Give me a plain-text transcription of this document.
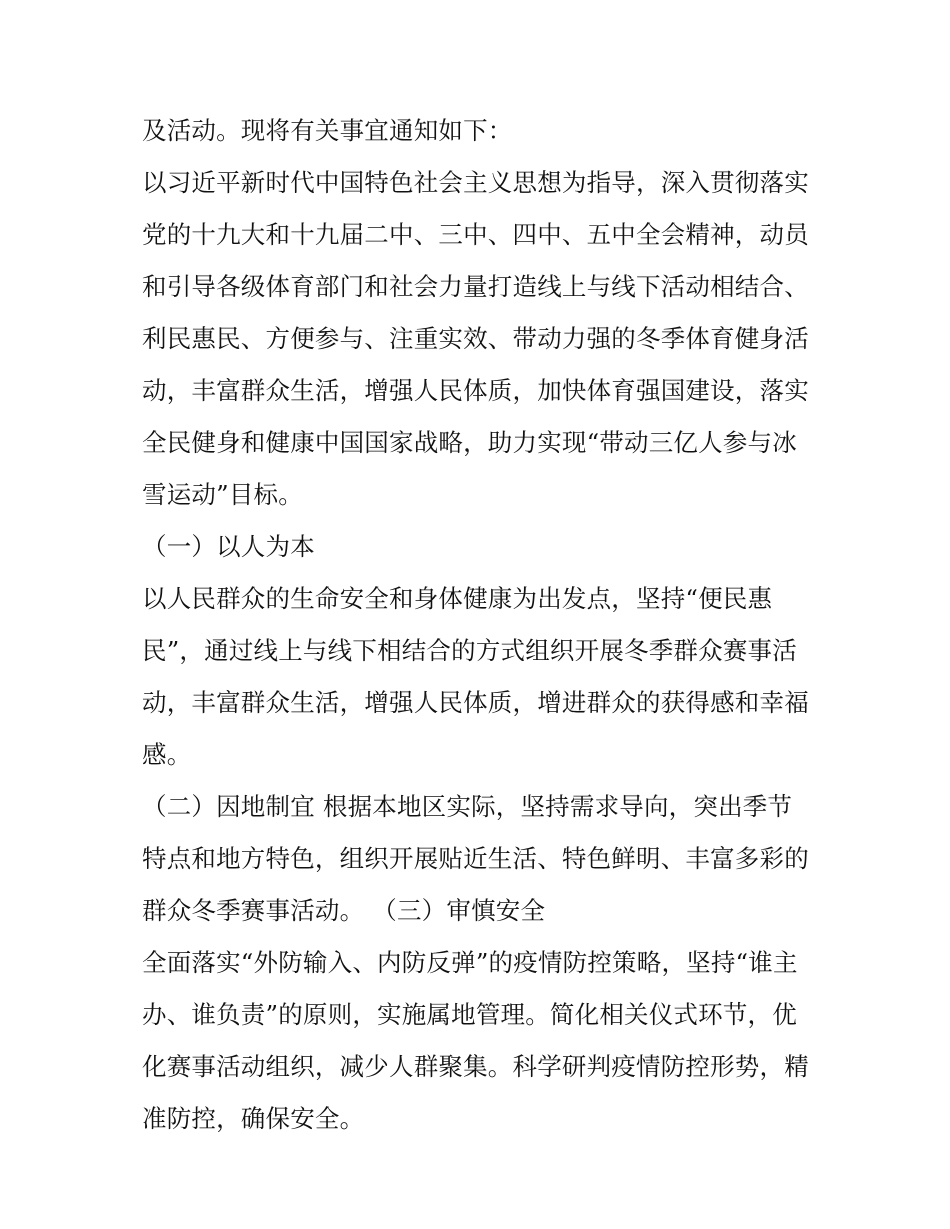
及活动。现将有关事宜通知如下：
以习近平新时代中国特色社会主义思想为指导，深入贯彻落实
党的十九大和十九届二中、三中、四中、五中全会精神，动员
和引导各级体育部门和社会力量打造线上与线下活动相结合、
利民惠民、方便参与、注重实效、带动力强的冬季体育健身活
动，丰富群众生活，增强人民体质，加快体育强国建设，落实
全民健身和健康中国国家战略，助力实现“带动三亿人参与冰
雪运动”目标。
（一）以人为本
以人民群众的生命安全和身体健康为出发点，坚持“便民惠
民”，通过线上与线下相结合的方式组织开展冬季群众赛事活
动，丰富群众生活，增强人民体质，增进群众的获得感和幸福
感。
（二）因地制宜 根据本地区实际，坚持需求导向，突出季节
特点和地方特色，组织开展贴近生活、特色鲜明、丰富多彩的
群众冬季赛事活动。 （三）审慎安全
全面落实“外防输入、内防反弹”的疫情防控策略，坚持“谁主
办、谁负责”的原则，实施属地管理。简化相关仪式环节，优
化赛事活动组织，减少人群聚集。科学研判疫情防控形势，精
准防控，确保安全。
